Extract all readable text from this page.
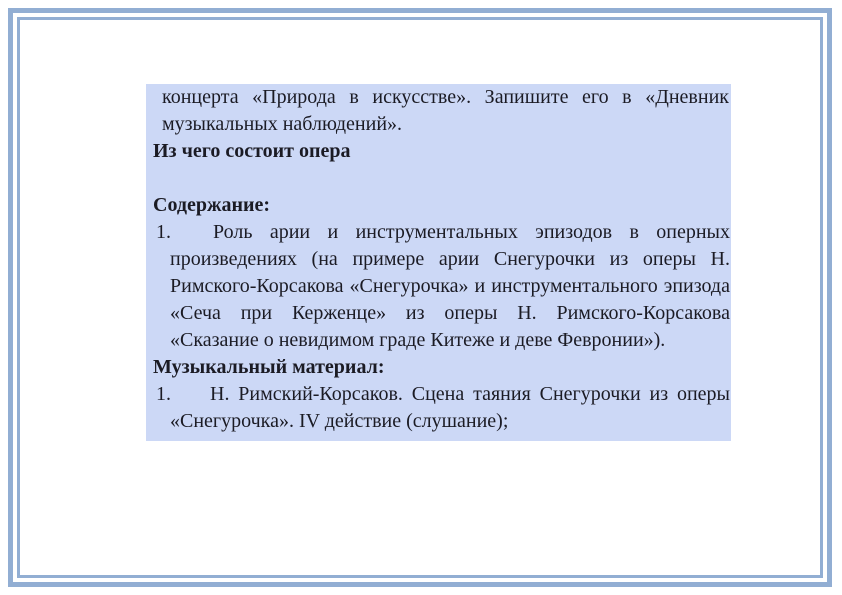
концерта «Природа в искусстве». Запишите его в «Дневник музыкальных наблюдений».

Из чего состоит опера

Содержание:

1. Роль арии и инструментальных эпизодов в оперных произведениях (на примере арии Снегурочки из оперы Н. Римского-Корсакова «Снегурочка» и инструментального эпизода «Сеча при Керженце» из оперы Н. Римского-Корсакова «Сказание о невидимом граде Китеже и деве Февронии»).

Музыкальный материал:

1. Н. Римский-Корсаков. Сцена таяния Снегурочки из оперы «Снегурочка». IV действие (слушание);
